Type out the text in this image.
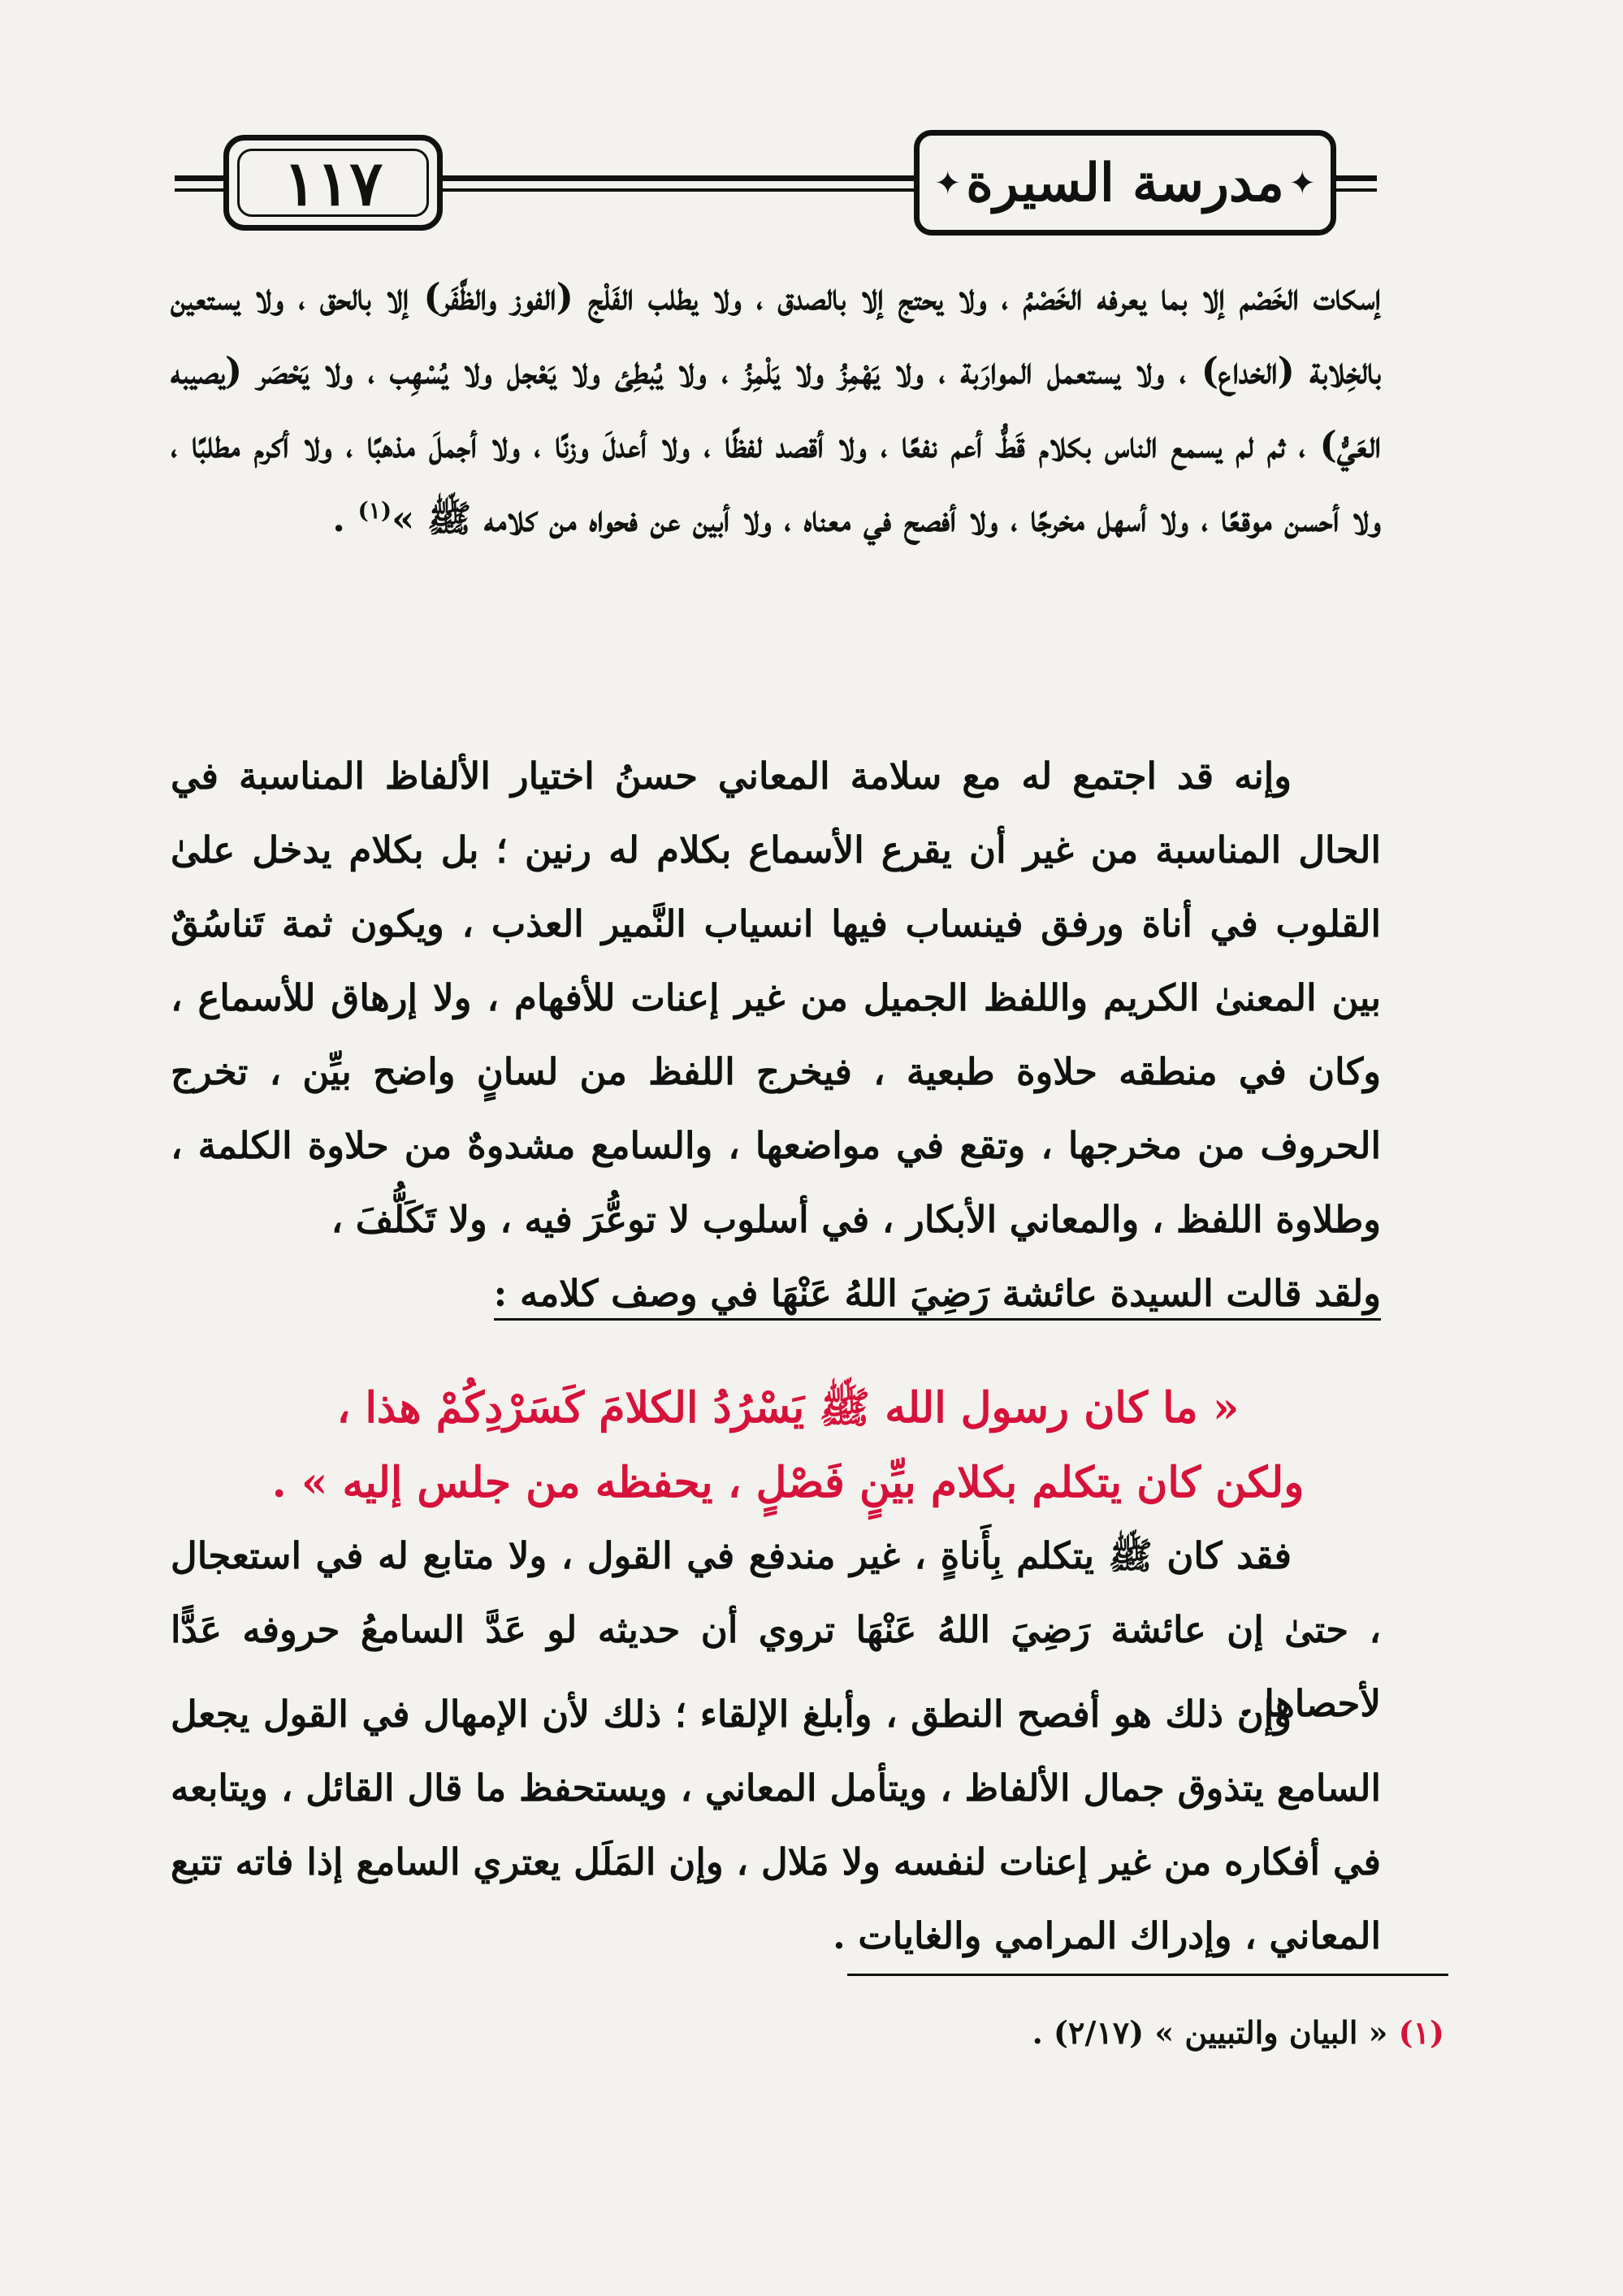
١١٧
✦	مدرسة السيرة
✦

إسكات الخَصْم إلا بما يعرفه الخَصْمُ ، ولا يحتج إلا بالصدق ، ولا يطلب الفَلْج (الفوز والظَّفَر) إلا بالحق ، ولا يستعين بالخِلابة (الخداع) ، ولا يستعمل الموارَبة ، ولا يَهْمِزُ ولا يَلْمِزُ ، ولا يُبطِئ ولا يَعْجل ولا يُسْهِب ، ولا يَحْصَر (يصيبه العَيُّ) ، ثم لم يسمع الناس بكلام قَطُّ أعم نفعًا ، ولا أقصد لفظًا ، ولا أعدلَ وزنًا ، ولا أجملَ مذهبًا ، ولا أكرم مطلبًا ، ولا أحسن موقعًا ، ولا أسهل مخرجًا ، ولا أفصح في معناه ، ولا أبين عن فحواه من كلامه ﷺ »$^{(١)}$ .

وإنه قد اجتمع له مع سلامة المعاني حسنُ اختيار الألفاظ المناسبة في الحال المناسبة من غير أن يقرع الأسماع بكلام له رنين ؛ بل بكلام يدخل علىٰ القلوب في أناة ورفق فينساب فيها انسياب النَّمير العذب ، ويكون ثمة تَناسُقٌ بين المعنىٰ الكريم واللفظ الجميل من غير إعنات للأفهام ، ولا إرهاق للأسماع ، وكان في منطقه حلاوة طبعية ، فيخرج اللفظ من لسانٍ واضح بيِّن ، تخرج الحروف من مخرجها ، وتقع في مواضعها ، والسامع مشدوهٌ من حلاوة الكلمة ، وطلاوة اللفظ ، والمعاني الأبكار ، في أسلوب لا توعُّرَ فيه ، ولا تَكَلُّفَ ،

ولقد قالت السيدة عائشة رَضِيَ اللهُ عَنْهَا في وصف كلامه :

« ما كان رسول الله ﷺ يَسْرُدُ الكلامَ كَسَرْدِكُمْ هذا ،

ولكن كان يتكلم بكلام بيِّنٍ فَصْلٍ ، يحفظه من جلس إليه » .

فقد كان ﷺ يتكلم بِأَناةٍ ، غير مندفع في القول ، ولا متابع له في استعجال ، حتىٰ إن عائشة رَضِيَ اللهُ عَنْهَا تروي أن حديثه لو عَدَّ السامعُ حروفه عَدًّا لأحصاها .

وإن ذلك هو أفصح النطق ، وأبلغ الإلقاء ؛ ذلك لأن الإمهال في القول يجعل السامع يتذوق جمال الألفاظ ، ويتأمل المعاني ، ويستحفظ ما قال القائل ، ويتابعه في أفكاره من غير إعنات لنفسه ولا مَلال ، وإن المَلَل يعتري السامع إذا فاته تتبع المعاني ، وإدراك المرامي والغايات .

(١) « البيان والتبيين » (٢/١٧) .
